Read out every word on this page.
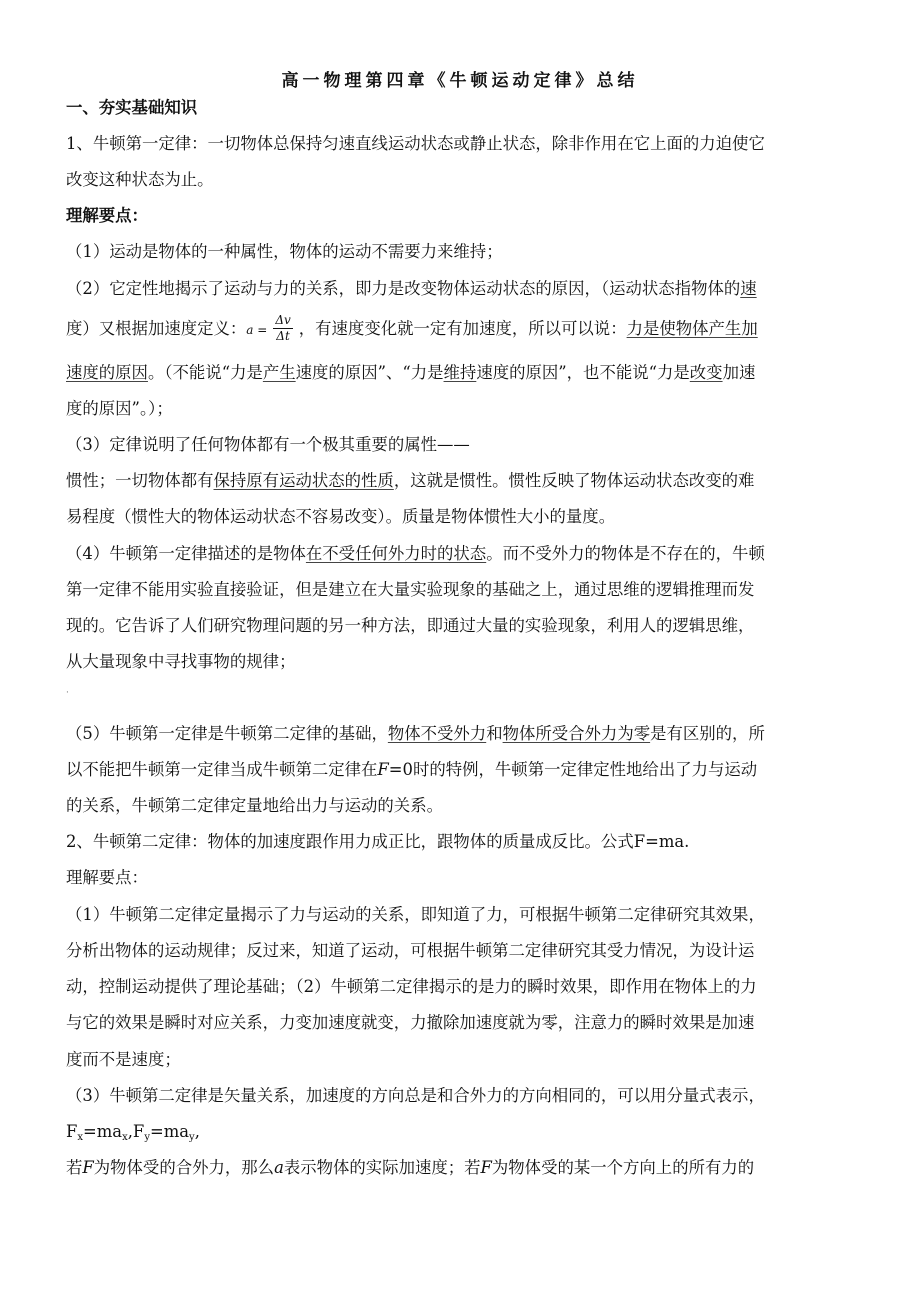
高一物理第四章《牛顿运动定律》总结
一、夯实基础知识
1、牛顿第一定律：一切物体总保持匀速直线运动状态或静止状态，除非作用在它上面的力迫使它
改变这种状态为止。
理解要点：
（1）运动是物体的一种属性，物体的运动不需要力来维持；
（2）它定性地揭示了运动与力的关系，即力是改变物体运动状态的原因，（运动状态指物体的速
度）又根据加速度定义：$a = \frac{\Delta v}{\Delta t}$ ，有速度变化就一定有加速度，所以可以说：力是使物体产生加
速度的原因。（不能说“力是产生速度的原因”、“力是维持速度的原因”，也不能说“力是改变加速
度的原因”。）；
（3）定律说明了任何物体都有一个极其重要的属性——
惯性；一切物体都有保持原有运动状态的性质，这就是惯性。惯性反映了物体运动状态改变的难
易程度（惯性大的物体运动状态不容易改变）。质量是物体惯性大小的量度。
（4）牛顿第一定律描述的是物体在不受任何外力时的状态。而不受外力的物体是不存在的，牛顿
第一定律不能用实验直接验证，但是建立在大量实验现象的基础之上，通过思维的逻辑推理而发
现的。它告诉了人们研究物理问题的另一种方法，即通过大量的实验现象，利用人的逻辑思维，
从大量现象中寻找事物的规律；
·
（5）牛顿第一定律是牛顿第二定律的基础，物体不受外力和物体所受合外力为零是有区别的，所
以不能把牛顿第一定律当成牛顿第二定律在F=0时的特例，牛顿第一定律定性地给出了力与运动
的关系，牛顿第二定律定量地给出力与运动的关系。
2、牛顿第二定律：物体的加速度跟作用力成正比，跟物体的质量成反比。公式F=ma.
理解要点：
（1）牛顿第二定律定量揭示了力与运动的关系，即知道了力，可根据牛顿第二定律研究其效果，
分析出物体的运动规律；反过来，知道了运动，可根据牛顿第二定律研究其受力情况，为设计运
动，控制运动提供了理论基础；（2）牛顿第二定律揭示的是力的瞬时效果，即作用在物体上的力
与它的效果是瞬时对应关系，力变加速度就变，力撤除加速度就为零，注意力的瞬时效果是加速
度而不是速度；
（3）牛顿第二定律是矢量关系，加速度的方向总是和合外力的方向相同的，可以用分量式表示，
$F_x=ma_x,F_y=ma_y$,
若F为物体受的合外力，那么a表示物体的实际加速度；若F为物体受的某一个方向上的所有力的
